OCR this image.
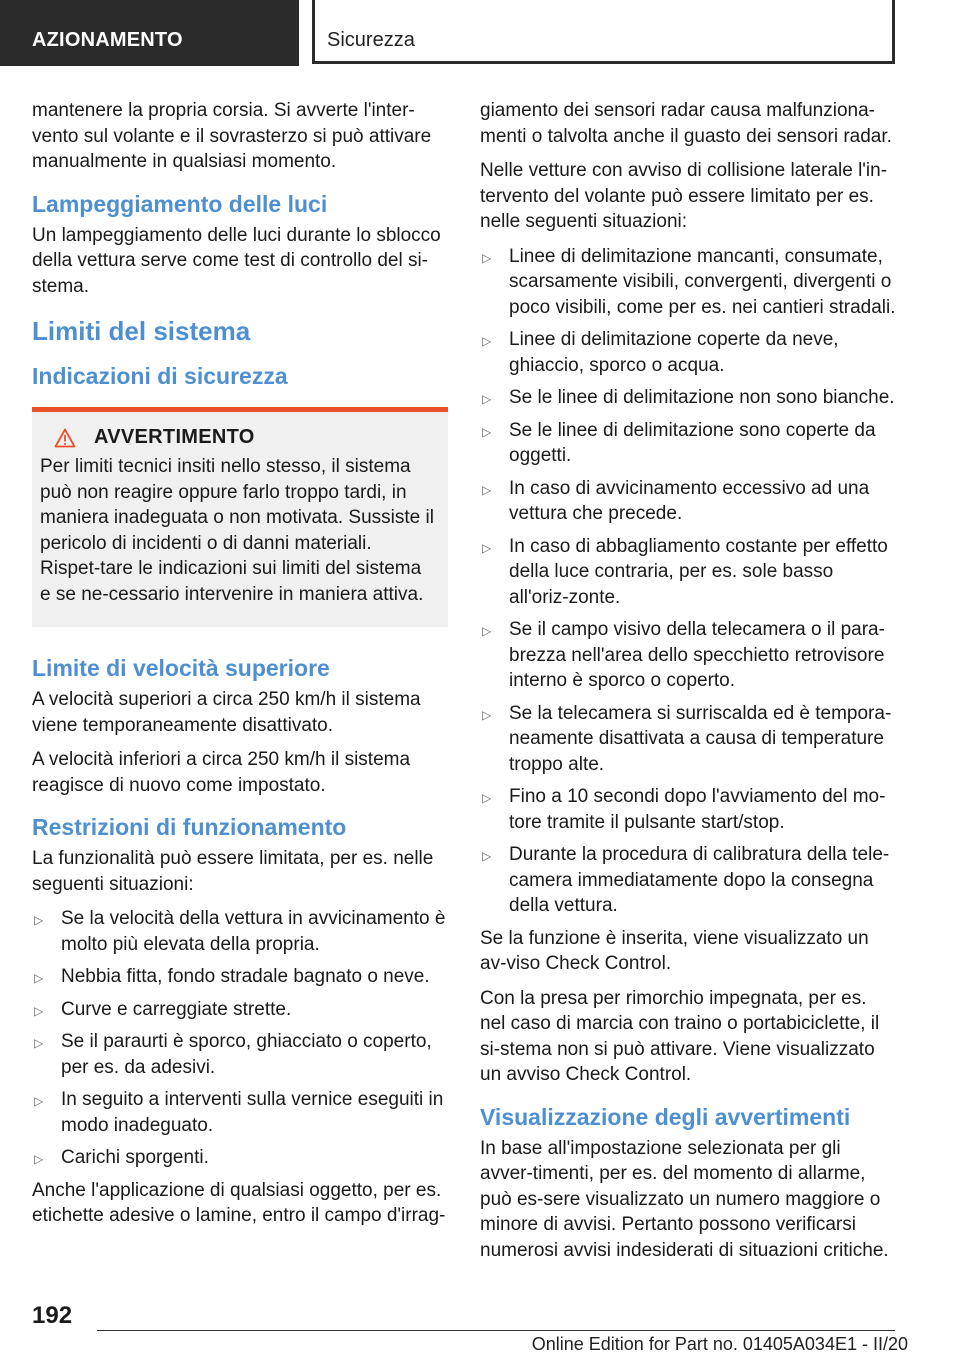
AZIONAMENTO	Sicurezza

mantenere la propria corsia. Si avverte l'inter-vento sul volante e il sovrasterzo si può attivare manualmente in qualsiasi momento.

Lampeggiamento delle luci

Un lampeggiamento delle luci durante lo sblocco della vettura serve come test di controllo del si-stema.

Limiti del sistema
Indicazioni di sicurezza
AVVERTIMENTO

Per limiti tecnici insiti nello stesso, il sistema può non reagire oppure farlo troppo tardi, in maniera inadeguata o non motivata. Sussiste il pericolo di incidenti o di danni materiali. Rispet-tare le indicazioni sui limiti del sistema e se ne-cessario intervenire in maniera attiva.

Limite di velocità superiore

A velocità superiori a circa 250 km/h il sistema viene temporaneamente disattivato.

A velocità inferiori a circa 250 km/h il sistema reagisce di nuovo come impostato.

Restrizioni di funzionamento

La funzionalità può essere limitata, per es. nelle seguenti situazioni:

▷ Se la velocità della vettura in avvicinamento è molto più elevata della propria.
▷ Nebbia fitta, fondo stradale bagnato o neve.
▷ Curve e carreggiate strette.
▷ Se il paraurti è sporco, ghiacciato o coperto, per es. da adesivi.
▷ In seguito a interventi sulla vernice eseguiti in modo inadeguato.
▷ Carichi sporgenti.

Anche l'applicazione di qualsiasi oggetto, per es. etichette adesive o lamine, entro il campo d'irrag-

giamento dei sensori radar causa malfunziona-menti o talvolta anche il guasto dei sensori radar.

Nelle vetture con avviso di collisione laterale l'in-tervento del volante può essere limitato per es. nelle seguenti situazioni:

▷ Linee di delimitazione mancanti, consumate, scarsamente visibili, convergenti, divergenti o poco visibili, come per es. nei cantieri stradali.
▷ Linee di delimitazione coperte da neve, ghiaccio, sporco o acqua.
▷ Se le linee di delimitazione non sono bianche.
▷ Se le linee di delimitazione sono coperte da oggetti.
▷ In caso di avvicinamento eccessivo ad una vettura che precede.
▷ In caso di abbagliamento costante per effetto della luce contraria, per es. sole basso all'oriz-zonte.
▷ Se il campo visivo della telecamera o il para-brezza nell'area dello specchietto retrovisore interno è sporco o coperto.
▷ Se la telecamera si surriscalda ed è tempora-neamente disattivata a causa di temperature troppo alte.
▷ Fino a 10 secondi dopo l'avviamento del mo-tore tramite il pulsante start/stop.
▷ Durante la procedura di calibratura della tele-camera immediatamente dopo la consegna della vettura.

Se la funzione è inserita, viene visualizzato un av-viso Check Control.

Con la presa per rimorchio impegnata, per es. nel caso di marcia con traino o portabiciclette, il si-stema non si può attivare. Viene visualizzato un avviso Check Control.

Visualizzazione degli avvertimenti

In base all'impostazione selezionata per gli avver-timenti, per es. del momento di allarme, può es-sere visualizzato un numero maggiore o minore di avvisi. Pertanto possono verificarsi numerosi avvisi indesiderati di situazioni critiche.

192
Online Edition for Part no. 01405A034E1 - II/20
